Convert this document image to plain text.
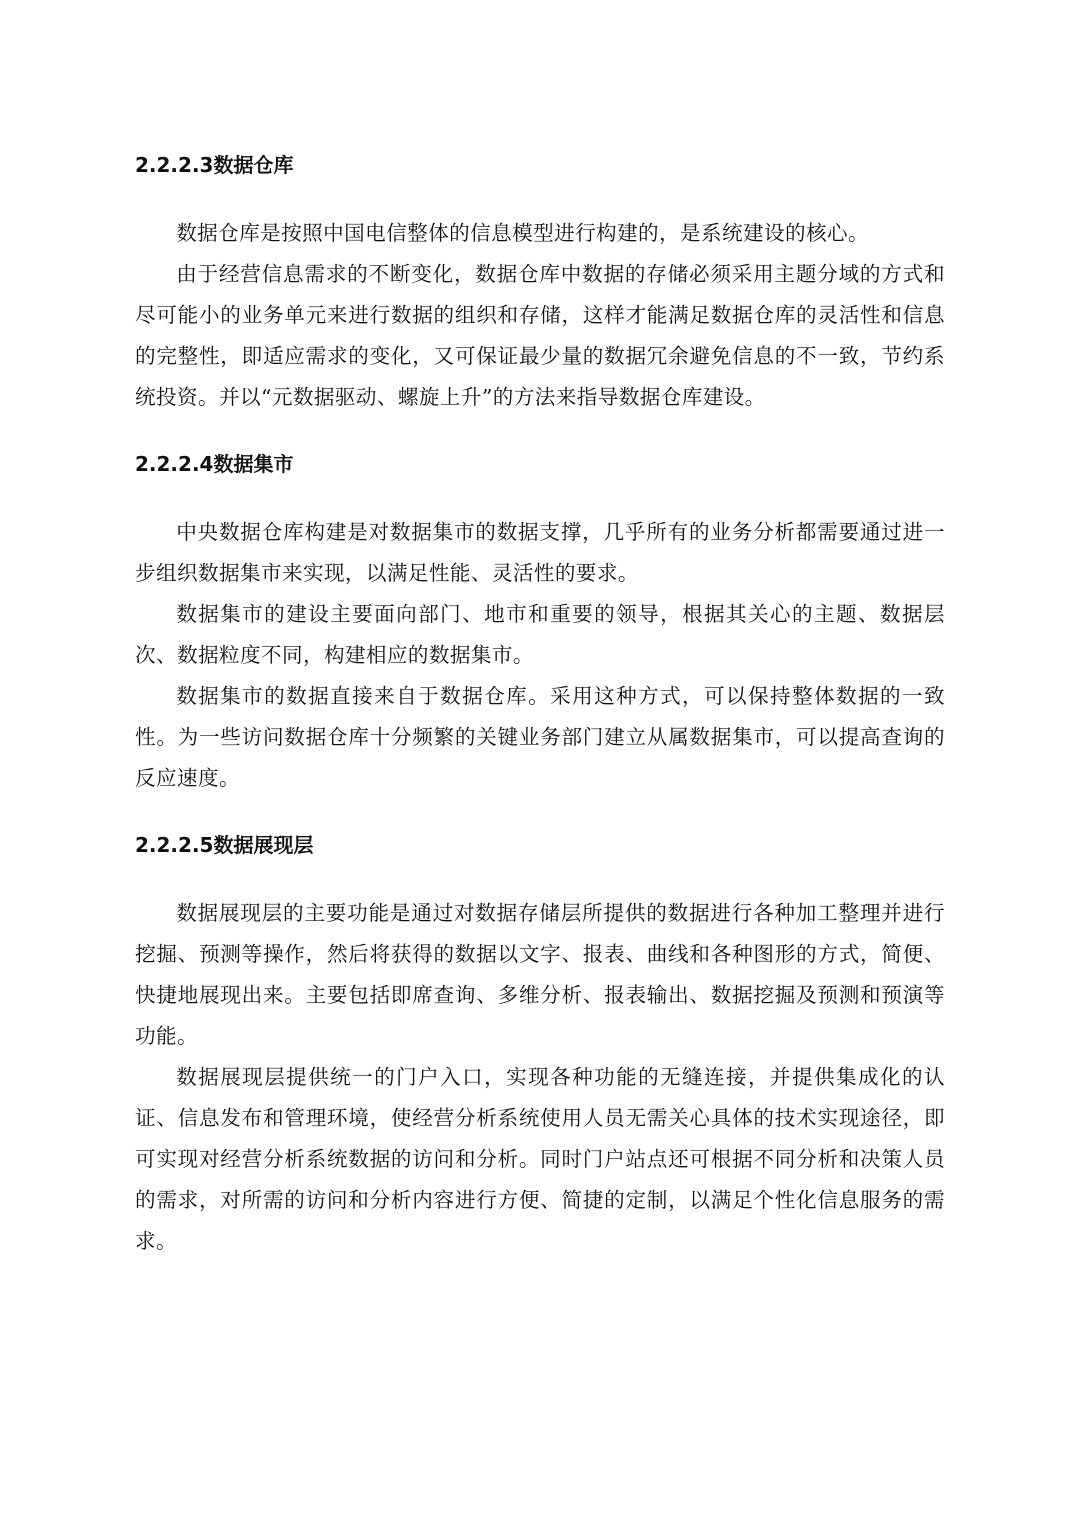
2.2.2.3数据仓库

数据仓库是按照中国电信整体的信息模型进行构建的，是系统建设的核心。

由于经营信息需求的不断变化，数据仓库中数据的存储必须采用主题分域的方式和尽可能小的业务单元来进行数据的组织和存储，这样才能满足数据仓库的灵活性和信息的完整性，即适应需求的变化，又可保证最少量的数据冗余避免信息的不一致，节约系统投资。并以“元数据驱动、螺旋上升”的方法来指导数据仓库建设。

2.2.2.4数据集市

中央数据仓库构建是对数据集市的数据支撑，几乎所有的业务分析都需要通过进一步组织数据集市来实现，以满足性能、灵活性的要求。

数据集市的建设主要面向部门、地市和重要的领导，根据其关心的主题、数据层次、数据粒度不同，构建相应的数据集市。

数据集市的数据直接来自于数据仓库。采用这种方式，可以保持整体数据的一致性。为一些访问数据仓库十分频繁的关键业务部门建立从属数据集市，可以提高查询的反应速度。

2.2.2.5数据展现层

数据展现层的主要功能是通过对数据存储层所提供的数据进行各种加工整理并进行挖掘、预测等操作，然后将获得的数据以文字、报表、曲线和各种图形的方式，简便、快捷地展现出来。主要包括即席查询、多维分析、报表输出、数据挖掘及预测和预演等功能。

数据展现层提供统一的门户入口，实现各种功能的无缝连接，并提供集成化的认证、信息发布和管理环境，使经营分析系统使用人员无需关心具体的技术实现途径，即可实现对经营分析系统数据的访问和分析。同时门户站点还可根据不同分析和决策人员的需求，对所需的访问和分析内容进行方便、简捷的定制，以满足个性化信息服务的需求。
